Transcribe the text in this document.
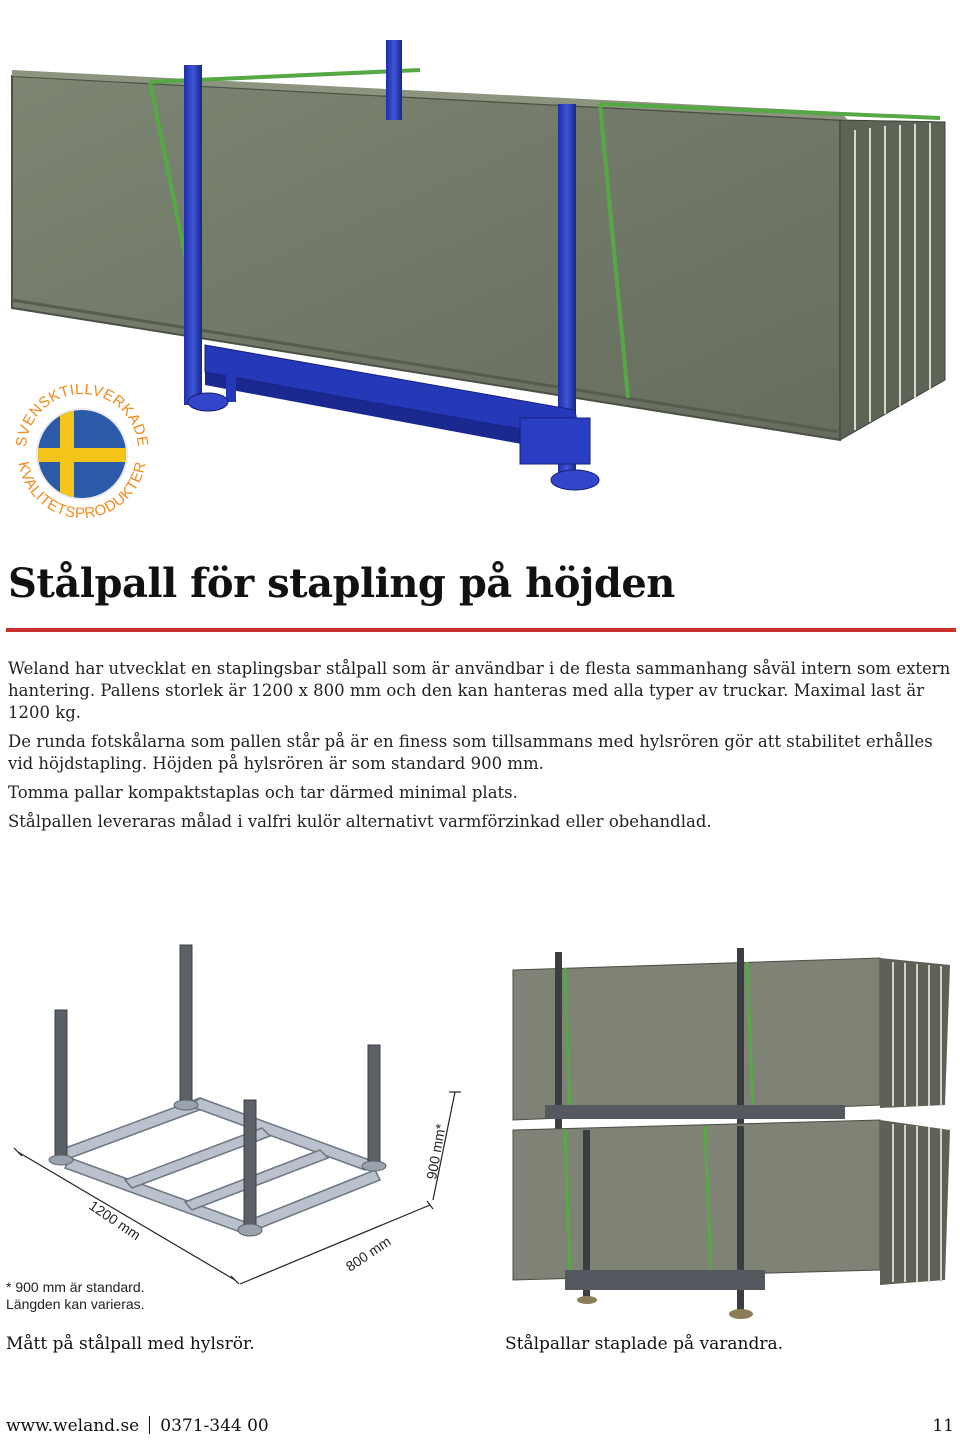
SVENSKTILLVERKADE
KVALITETSPRODUKTER
Stålpall för stapling på höjden

Weland har utvecklat en staplingsbar stålpall som är användbar i de flesta sammanhang såväl intern som extern hantering. Pallens storlek är 1200 x 800 mm och den kan hanteras med alla typer av truckar. Maximal last är 1200 kg.

De runda fotskålarna som pallen står på är en finess som tillsammans med hylsrören gör att stabilitet erhålles vid höjdstapling. Höjden på hylsrören är som standard 900 mm.

Tomma pallar kompaktstaplas och tar därmed minimal plats.

Stålpallen leveraras målad i valfri kulör alternativt varmförzinkad eller obehandlad.

1200 mm
800 mm
900 mm*
* 900 mm är standard.
Längden kan varieras.
Mått på stålpall med hylsrör.	Stålpallar staplade på varandra.
www.weland.se 0371-344 00	11
